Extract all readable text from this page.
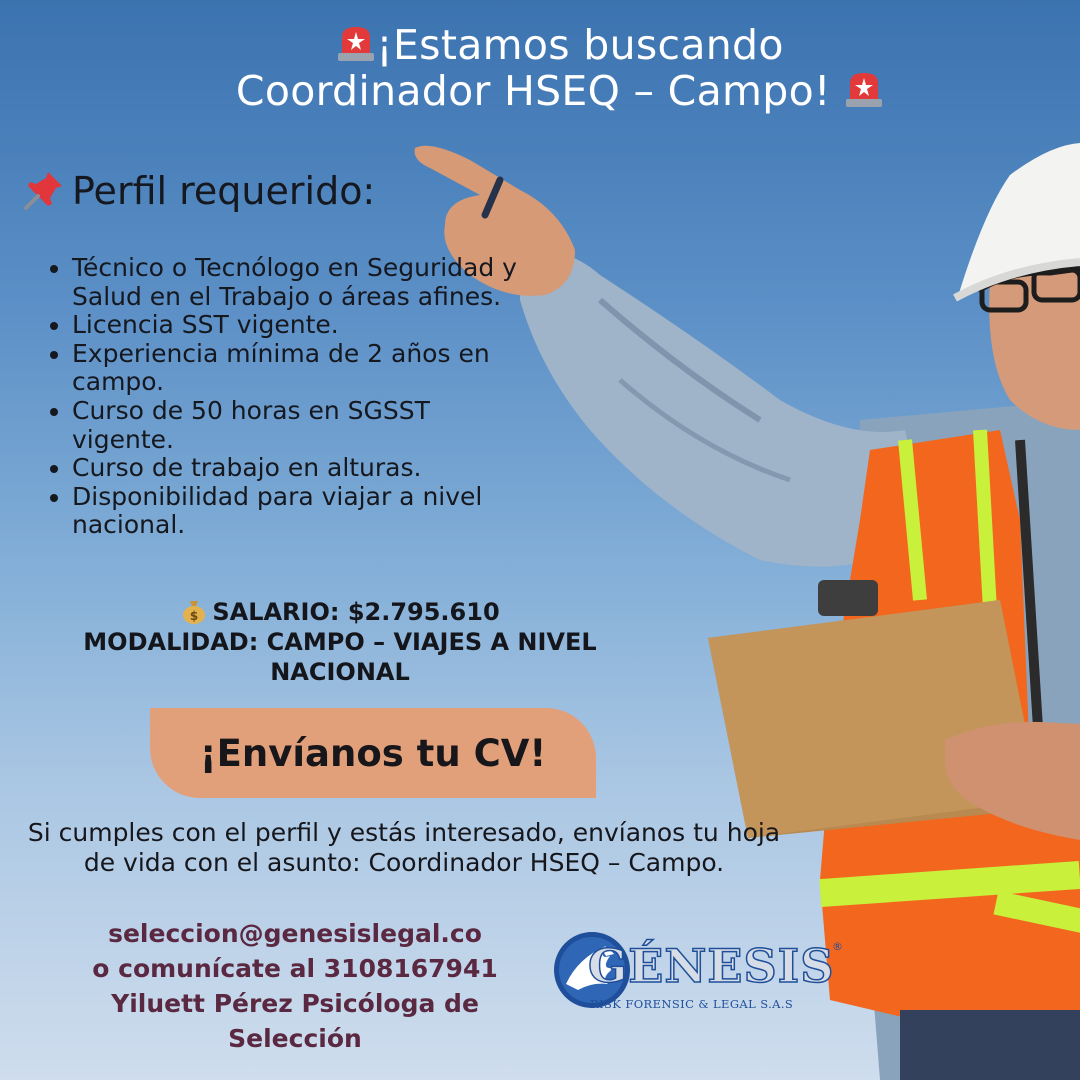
¡Estamos buscando
Coordinador HSEQ – Campo!
Perfil requerido:
• Técnico o Tecnólogo en Seguridad y Salud en el Trabajo o áreas afines.
• Licencia SST vigente.
• Experiencia mínima de 2 años en campo.
• Curso de 50 horas en SGSST vigente.
• Curso de trabajo en alturas.
• Disponibilidad para viajar a nivel nacional.
$ SALARIO: $2.795.610
MODALIDAD: CAMPO – VIAJES A NIVEL NACIONAL
¡Envíanos tu CV!
Si cumples con el perfil y estás interesado, envíanos tu hoja de vida con el asunto: Coordinador HSEQ – Campo.
seleccion@genesislegal.co
o comunícate al 3108167941
Yiluett Pérez Psicóloga de Selección
GÉNESIS
®
RISK FORENSIC & LEGAL S.A.S
